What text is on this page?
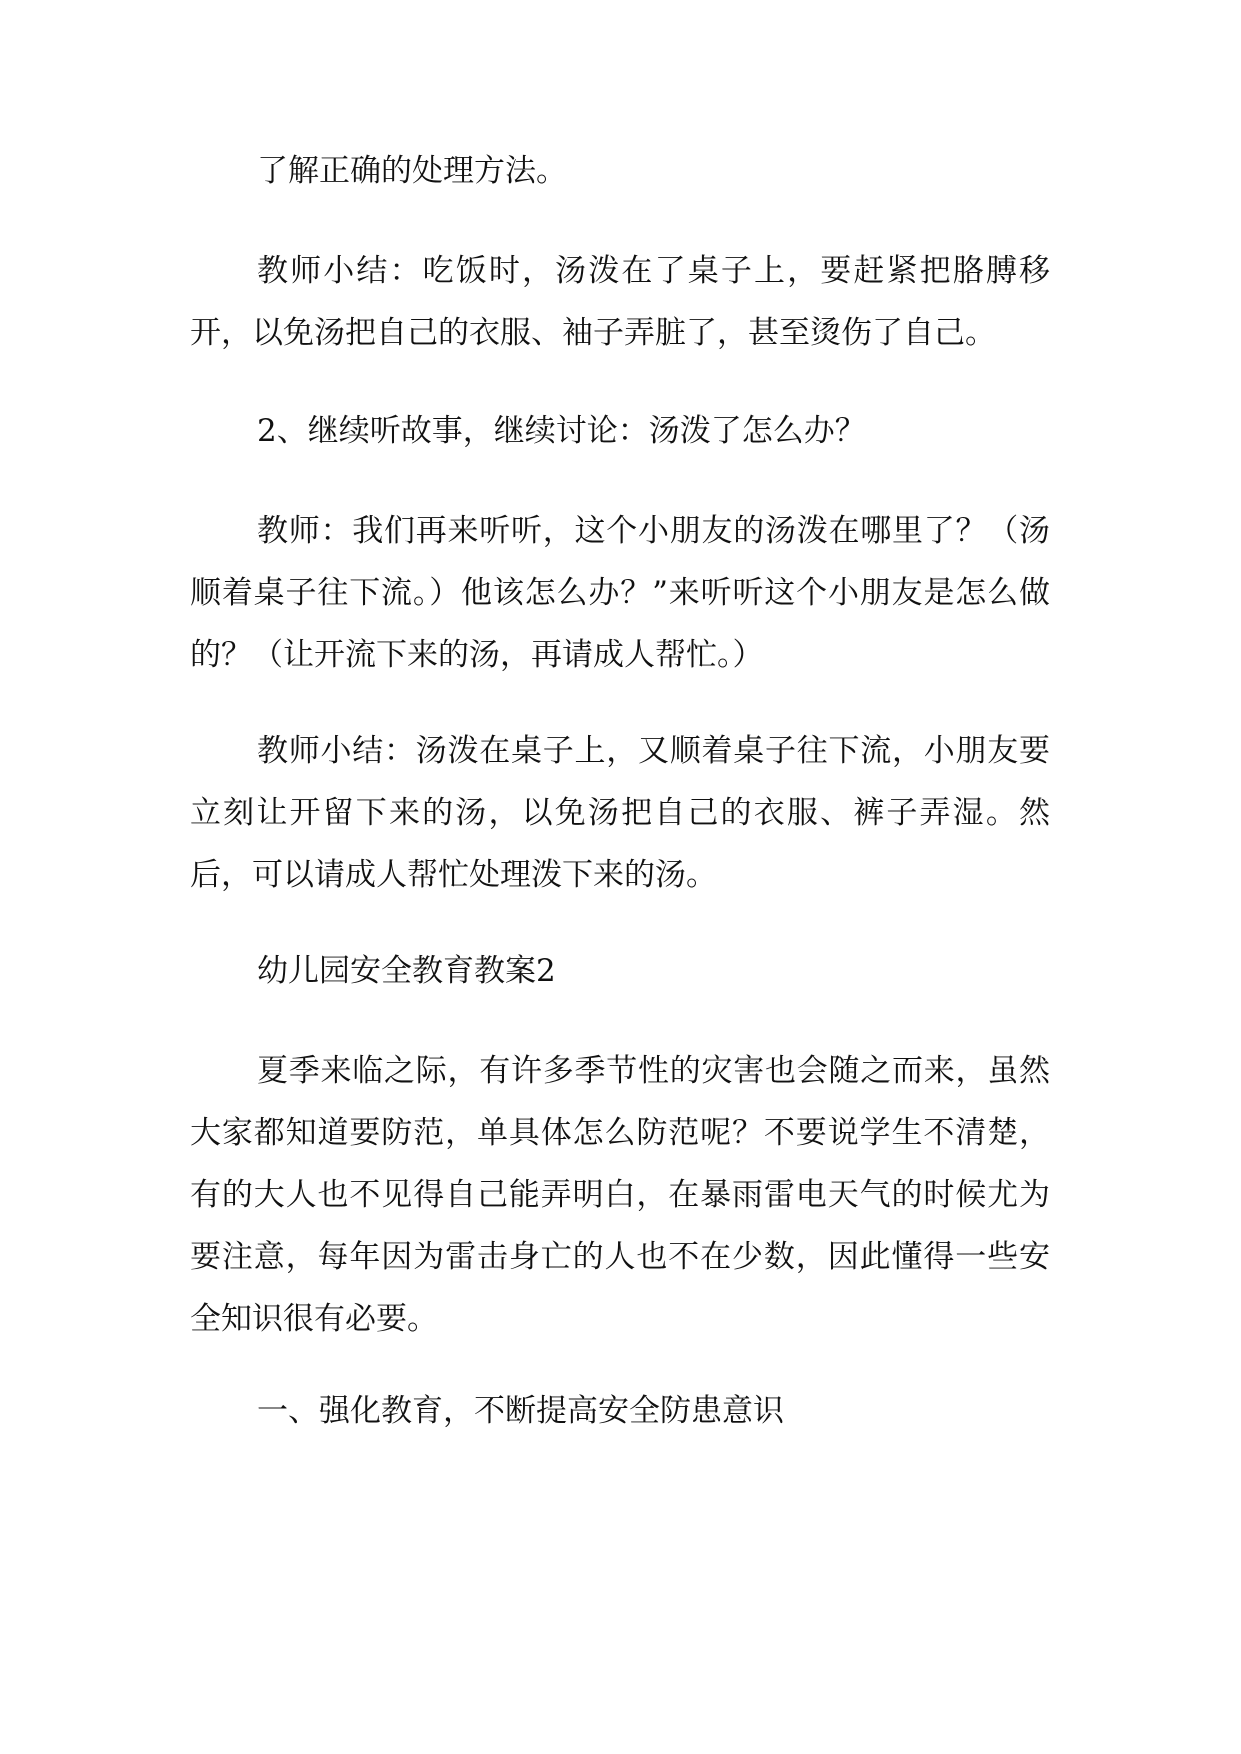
了解正确的处理方法。

教师小结：吃饭时，汤泼在了桌子上，要赶紧把胳膊移开，以免汤把自己的衣服、袖子弄脏了，甚至烫伤了自己。

2、继续听故事，继续讨论：汤泼了怎么办？

教师：我们再来听听，这个小朋友的汤泼在哪里了？（汤顺着桌子往下流。）他该怎么办？”来听听这个小朋友是怎么做的？（让开流下来的汤，再请成人帮忙。）

教师小结：汤泼在桌子上，又顺着桌子往下流，小朋友要立刻让开留下来的汤，以免汤把自己的衣服、裤子弄湿。然后，可以请成人帮忙处理泼下来的汤。

幼儿园安全教育教案2

夏季来临之际，有许多季节性的灾害也会随之而来，虽然大家都知道要防范，单具体怎么防范呢？不要说学生不清楚，有的大人也不见得自己能弄明白，在暴雨雷电天气的时候尤为要注意，每年因为雷击身亡的人也不在少数，因此懂得一些安全知识很有必要。

一、强化教育，不断提高安全防患意识
